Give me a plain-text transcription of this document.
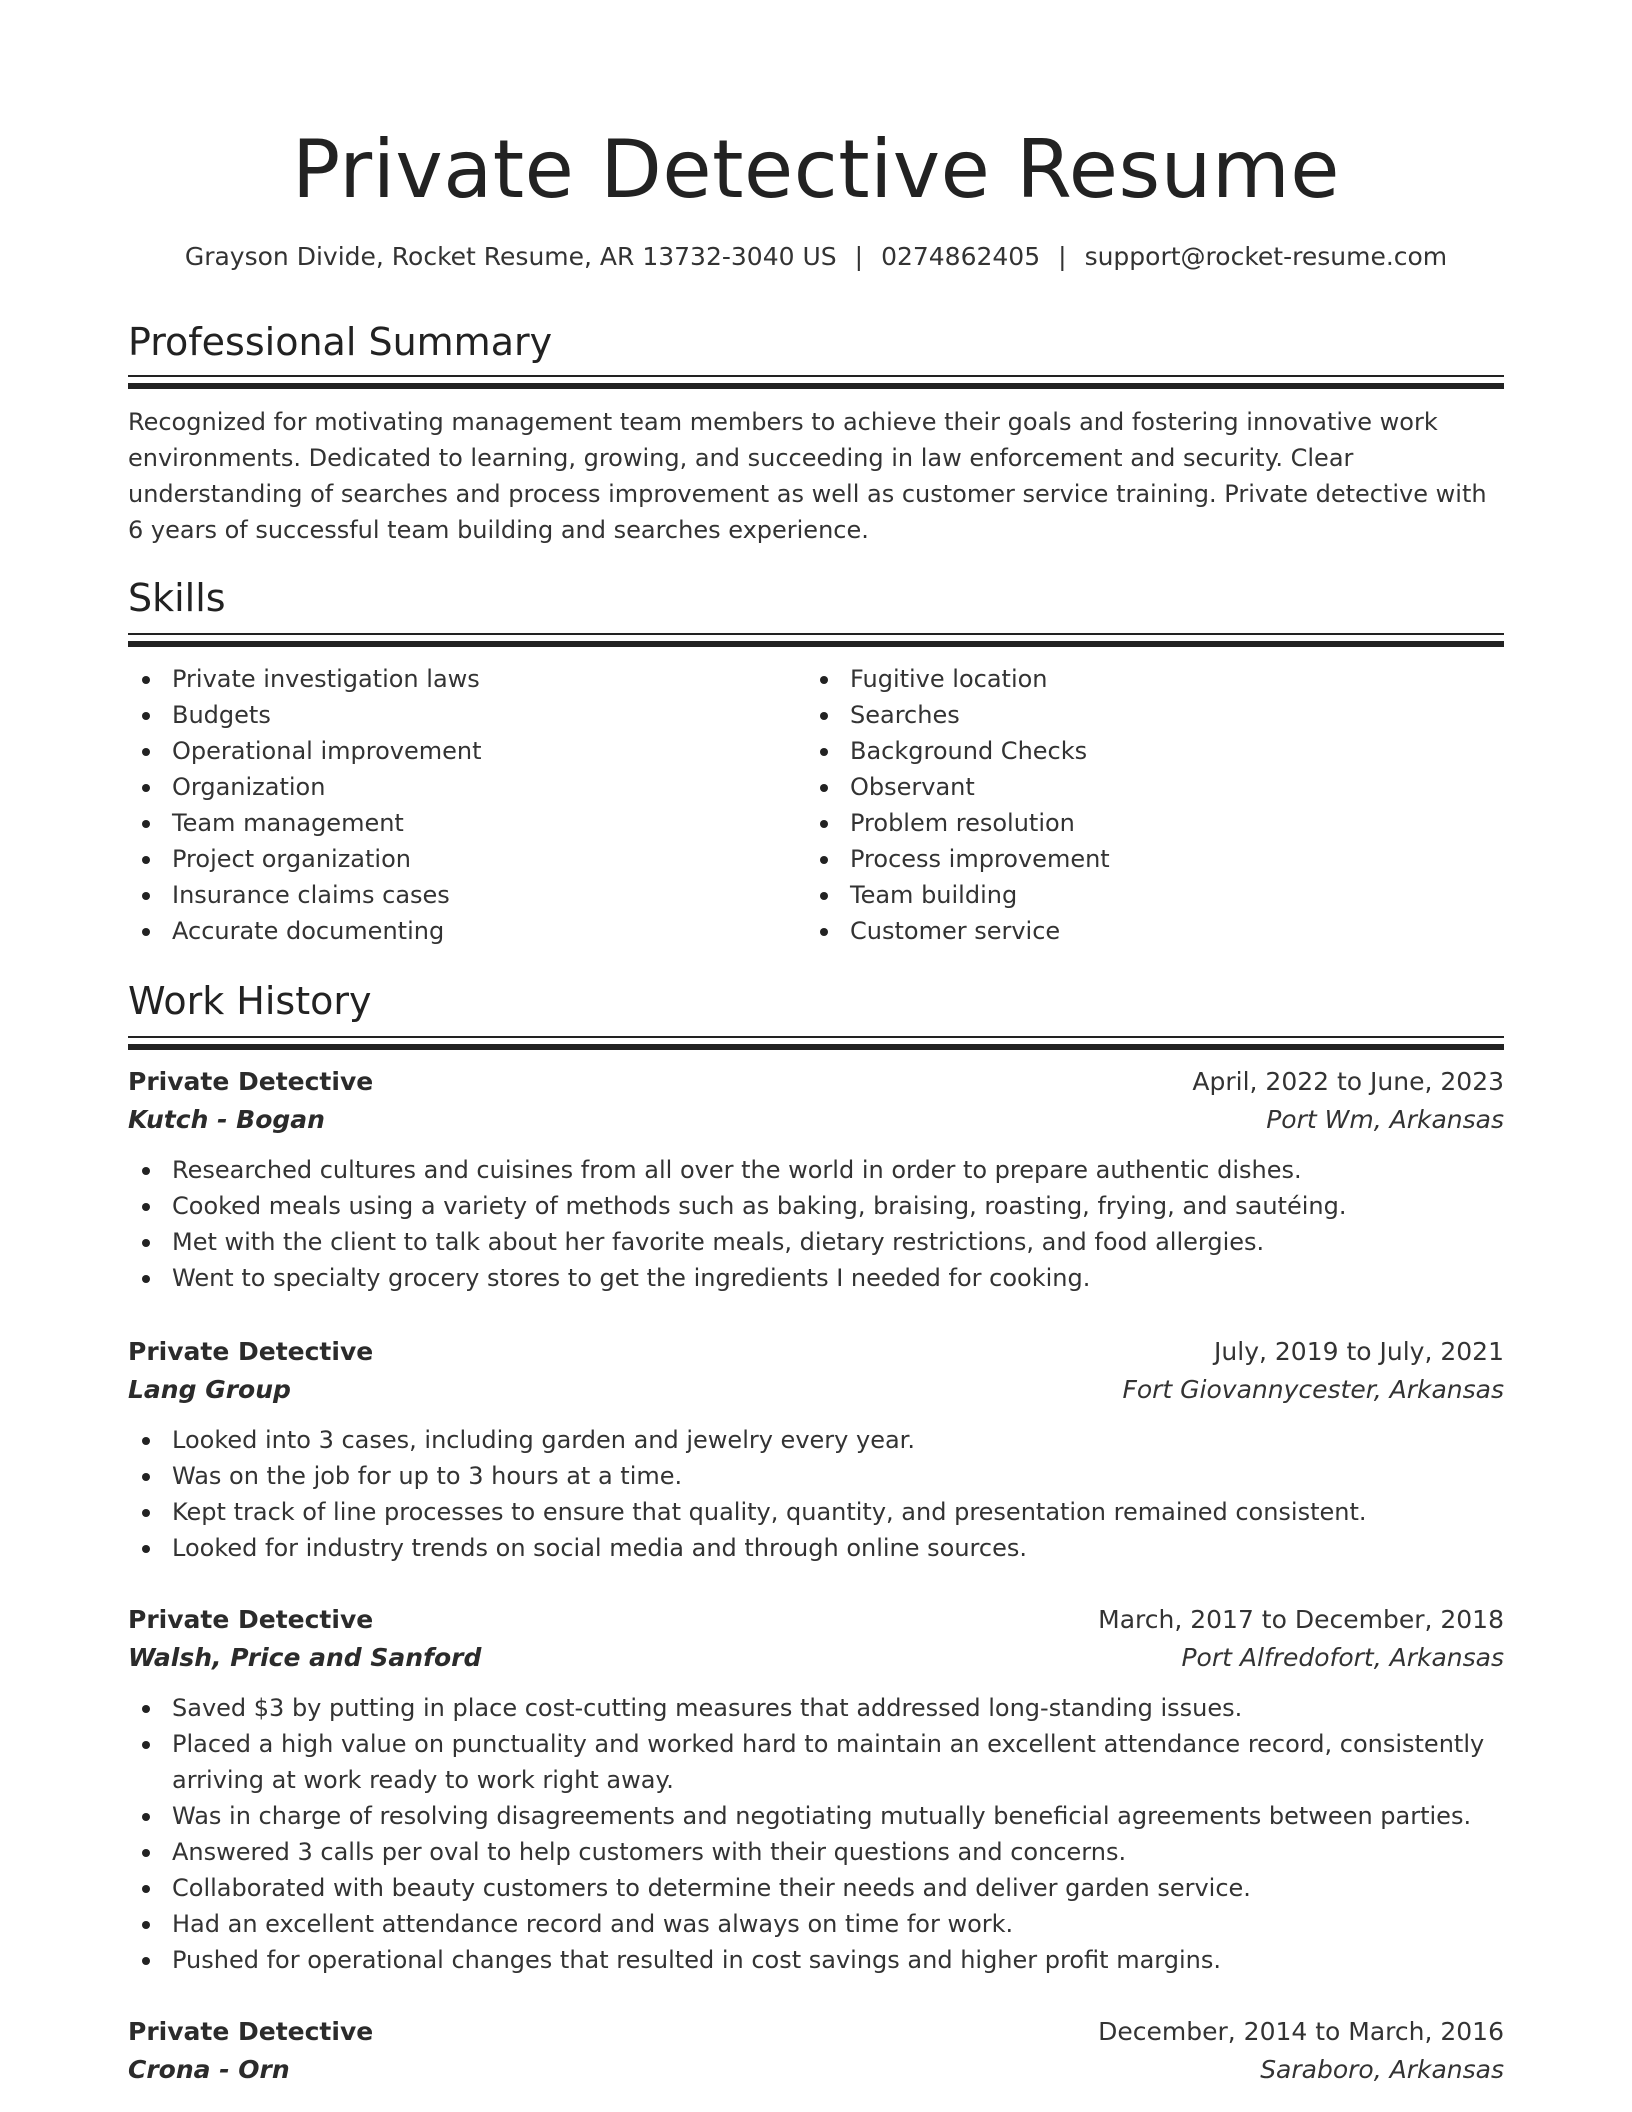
Private Detective Resume
Grayson Divide, Rocket Resume, AR 13732-3040 US | 0274862405 | support@rocket-resume.com
Professional Summary

Recognized for motivating management team members to achieve their goals and fostering innovative work environments. Dedicated to learning, growing, and succeeding in law enforcement and security. Clear understanding of searches and process improvement as well as customer service training. Private detective with 6 years of successful team building and searches experience.

Skills
Private investigation laws
Budgets
Operational improvement
Organization
Team management
Project organization
Insurance claims cases
Accurate documenting
Fugitive location
Searches
Background Checks
Observant
Problem resolution
Process improvement
Team building
Customer service
Work History
Private Detective	April, 2022 to June, 2023
Kutch - Bogan	Port Wm, Arkansas
Researched cultures and cuisines from all over the world in order to prepare authentic dishes.
Cooked meals using a variety of methods such as baking, braising, roasting, frying, and sautéing.
Met with the client to talk about her favorite meals, dietary restrictions, and food allergies.
Went to specialty grocery stores to get the ingredients I needed for cooking.
Private Detective	July, 2019 to July, 2021
Lang Group	Fort Giovannycester, Arkansas
Looked into 3 cases, including garden and jewelry every year.
Was on the job for up to 3 hours at a time.
Kept track of line processes to ensure that quality, quantity, and presentation remained consistent.
Looked for industry trends on social media and through online sources.
Private Detective	March, 2017 to December, 2018
Walsh, Price and Sanford	Port Alfredofort, Arkansas
Saved $3 by putting in place cost-cutting measures that addressed long-standing issues.
Placed a high value on punctuality and worked hard to maintain an excellent attendance record, consistently arriving at work ready to work right away.
Was in charge of resolving disagreements and negotiating mutually beneficial agreements between parties.
Answered 3 calls per oval to help customers with their questions and concerns.
Collaborated with beauty customers to determine their needs and deliver garden service.
Had an excellent attendance record and was always on time for work.
Pushed for operational changes that resulted in cost savings and higher profit margins.
Private Detective	December, 2014 to March, 2016
Crona - Orn	Saraboro, Arkansas
